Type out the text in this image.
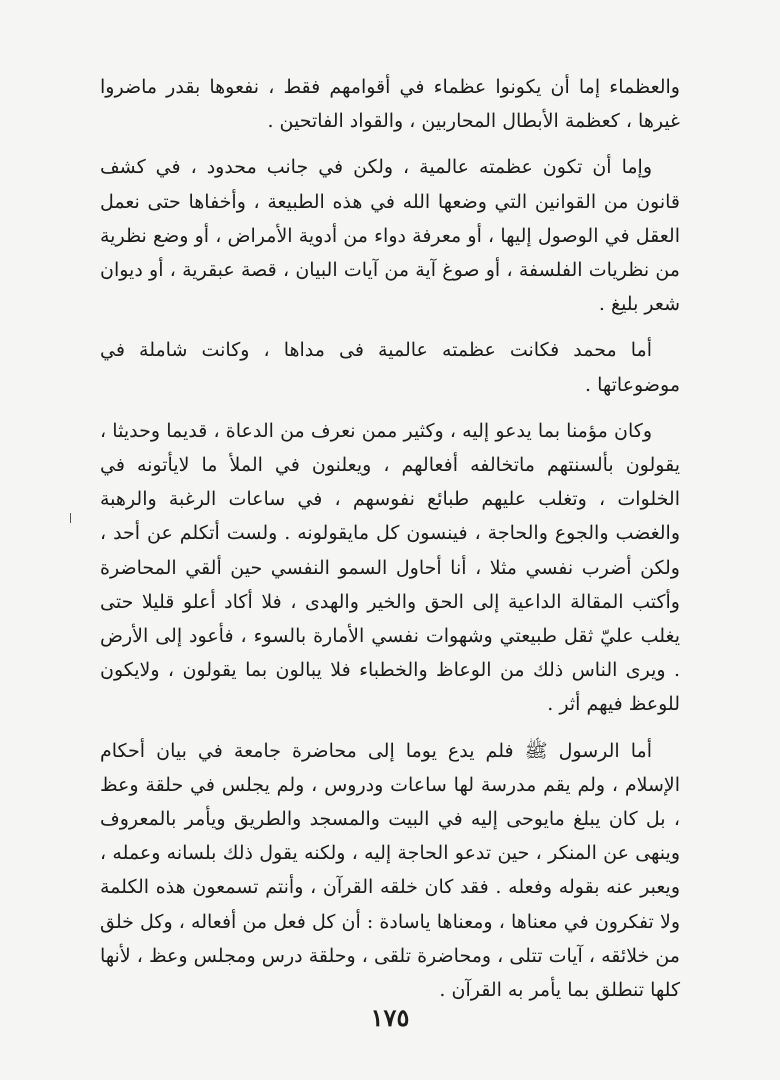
والعظماء إما أن يكونوا عظماء في أقوامهم فقط ، نفعوها بقدر ماضروا غيرها ، كعظمة الأبطال المحاربين ، والقواد الفاتحين .

وإما أن تكون عظمته عالمية ، ولكن في جانب محدود ، في كشف قانون من القوانين التي وضعها الله في هذه الطبيعة ، وأخفاها حتى نعمل العقل في الوصول إليها ، أو معرفة دواء من أدوية الأمراض ، أو وضع نظرية من نظريات الفلسفة ، أو صوغ آية من آيات البيان ، قصة عبقرية ، أو ديوان شعر بليغ .

أما محمد فكانت عظمته عالمية فى مداها ، وكانت شاملة في موضوعاتها .

وكان مؤمنا بما يدعو إليه ، وكثير ممن نعرف من الدعاة ، قديما وحديثا ، يقولون بألسنتهم ماتخالفه أفعالهم ، ويعلنون في الملأ ما لايأتونه في الخلوات ، وتغلب عليهم طبائع نفوسهم ، في ساعات الرغبة والرهبة والغضب والجوع والحاجة ، فينسون كل مايقولونه . ولست أتكلم عن أحد ، ولكن أضرب نفسي مثلا ، أنا أحاول السمو النفسي حين ألقي المحاضرة وأكتب المقالة الداعية إلى الحق والخير والهدى ، فلا أكاد أعلو قليلا حتى يغلب عليّ ثقل طبيعتي وشهوات نفسي الأمارة بالسوء ، فأعود إلى الأرض . ويرى الناس ذلك من الوعاظ والخطباء فلا يبالون بما يقولون ، ولايكون للوعظ فيهم أثر .

أما الرسول ﷺ فلم يدع يوما إلى محاضرة جامعة في بيان أحكام الإسلام ، ولم يقم مدرسة لها ساعات ودروس ، ولم يجلس في حلقة وعظ ، بل كان يبلغ مايوحى إليه في البيت والمسجد والطريق ويأمر بالمعروف وينهى عن المنكر ، حين تدعو الحاجة إليه ، ولكنه يقول ذلك بلسانه وعمله ، ويعبر عنه بقوله وفعله . فقد كان خلقه القرآن ، وأنتم تسمعون هذه الكلمة ولا تفكرون في معناها ، ومعناها ياسادة : أن كل فعل من أفعاله ، وكل خلق من خلائقه ، آيات تتلى ، ومحاضرة تلقى ، وحلقة درس ومجلس وعظ ، لأنها كلها تنطلق بما يأمر به القرآن .

١٧٥
